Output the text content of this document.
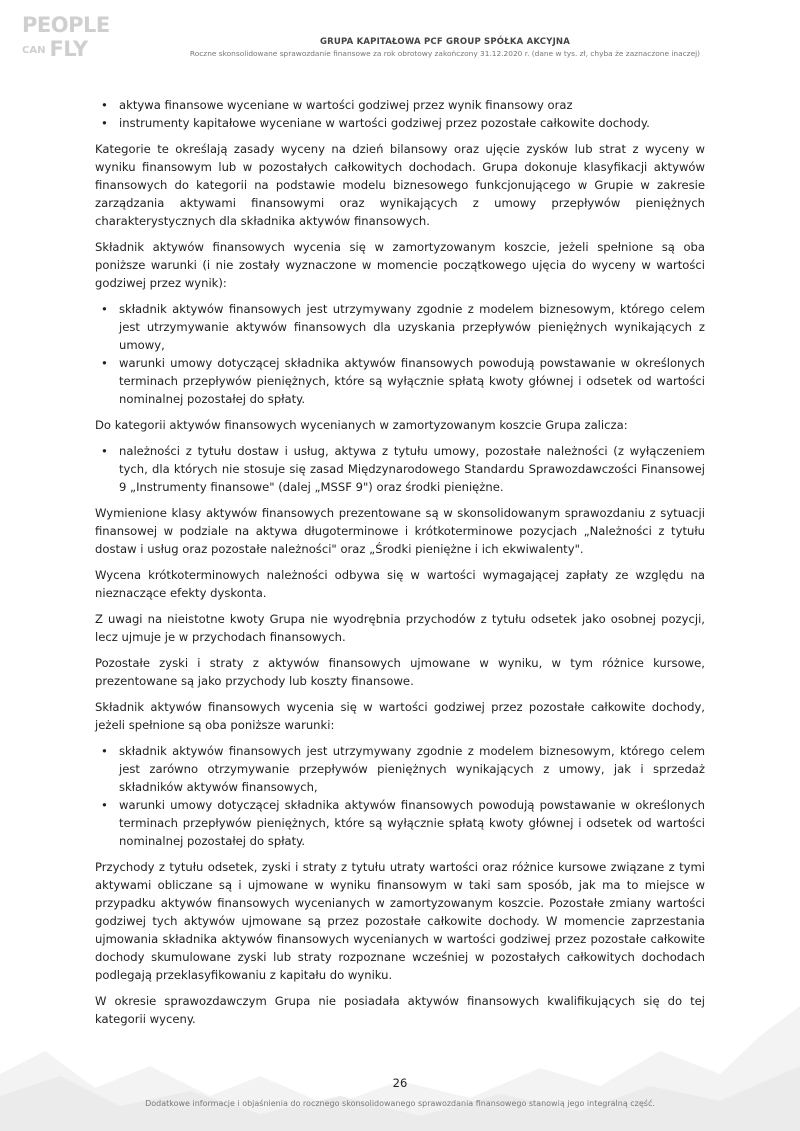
PEOPLE
CAN FLY	GRUPA KAPITAŁOWA PCF GROUP SPÓŁKA AKCYJNA
Roczne skonsolidowane sprawozdanie finansowe za rok obrotowy zakończony 31.12.2020 r. (dane w tys. zł, chyba że zaznaczone inaczej)
• aktywa finansowe wyceniane w wartości godziwej przez wynik finansowy oraz
• instrumenty kapitałowe wyceniane w wartości godziwej przez pozostałe całkowite dochody.

Kategorie te określają zasady wyceny na dzień bilansowy oraz ujęcie zysków lub strat z wyceny w wyniku finansowym lub w pozostałych całkowitych dochodach. Grupa dokonuje klasyfikacji aktywów finansowych do kategorii na podstawie modelu biznesowego funkcjonującego w Grupie w zakresie zarządzania aktywami finansowymi oraz wynikających z umowy przepływów pieniężnych charakterystycznych dla składnika aktywów finansowych.

Składnik aktywów finansowych wycenia się w zamortyzowanym koszcie, jeżeli spełnione są oba poniższe warunki (i nie zostały wyznaczone w momencie początkowego ujęcia do wyceny w wartości godziwej przez wynik):

• składnik aktywów finansowych jest utrzymywany zgodnie z modelem biznesowym, którego celem jest utrzymywanie aktywów finansowych dla uzyskania przepływów pieniężnych wynikających z umowy,
• warunki umowy dotyczącej składnika aktywów finansowych powodują powstawanie w określonych terminach przepływów pieniężnych, które są wyłącznie spłatą kwoty głównej i odsetek od wartości nominalnej pozostałej do spłaty.

Do kategorii aktywów finansowych wycenianych w zamortyzowanym koszcie Grupa zalicza:

• należności z tytułu dostaw i usług, aktywa z tytułu umowy, pozostałe należności (z wyłączeniem tych, dla których nie stosuje się zasad Międzynarodowego Standardu Sprawozdawczości Finansowej 9 „Instrumenty finansowe" (dalej „MSSF 9") oraz środki pieniężne.

Wymienione klasy aktywów finansowych prezentowane są w skonsolidowanym sprawozdaniu z sytuacji finansowej w podziale na aktywa długoterminowe i krótkoterminowe pozycjach „Należności z tytułu dostaw i usług oraz pozostałe należności" oraz „Środki pieniężne i ich ekwiwalenty".

Wycena krótkoterminowych należności odbywa się w wartości wymagającej zapłaty ze względu na nieznaczące efekty dyskonta.

Z uwagi na nieistotne kwoty Grupa nie wyodrębnia przychodów z tytułu odsetek jako osobnej pozycji, lecz ujmuje je w przychodach finansowych.

Pozostałe zyski i straty z aktywów finansowych ujmowane w wyniku, w tym różnice kursowe, prezentowane są jako przychody lub koszty finansowe.

Składnik aktywów finansowych wycenia się w wartości godziwej przez pozostałe całkowite dochody, jeżeli spełnione są oba poniższe warunki:

• składnik aktywów finansowych jest utrzymywany zgodnie z modelem biznesowym, którego celem jest zarówno otrzymywanie przepływów pieniężnych wynikających z umowy, jak i sprzedaż składników aktywów finansowych,
• warunki umowy dotyczącej składnika aktywów finansowych powodują powstawanie w określonych terminach przepływów pieniężnych, które są wyłącznie spłatą kwoty głównej i odsetek od wartości nominalnej pozostałej do spłaty.

Przychody z tytułu odsetek, zyski i straty z tytułu utraty wartości oraz różnice kursowe związane z tymi aktywami obliczane są i ujmowane w wyniku finansowym w taki sam sposób, jak ma to miejsce w przypadku aktywów finansowych wycenianych w zamortyzowanym koszcie. Pozostałe zmiany wartości godziwej tych aktywów ujmowane są przez pozostałe całkowite dochody. W momencie zaprzestania ujmowania składnika aktywów finansowych wycenianych w wartości godziwej przez pozostałe całkowite dochody skumulowane zyski lub straty rozpoznane wcześniej w pozostałych całkowitych dochodach podlegają przeklasyfikowaniu z kapitału do wyniku.

W okresie sprawozdawczym Grupa nie posiadała aktywów finansowych kwalifikujących się do tej kategorii wyceny.

26
Dodatkowe informacje i objaśnienia do rocznego skonsolidowanego sprawozdania finansowego stanowią jego integralną część.
